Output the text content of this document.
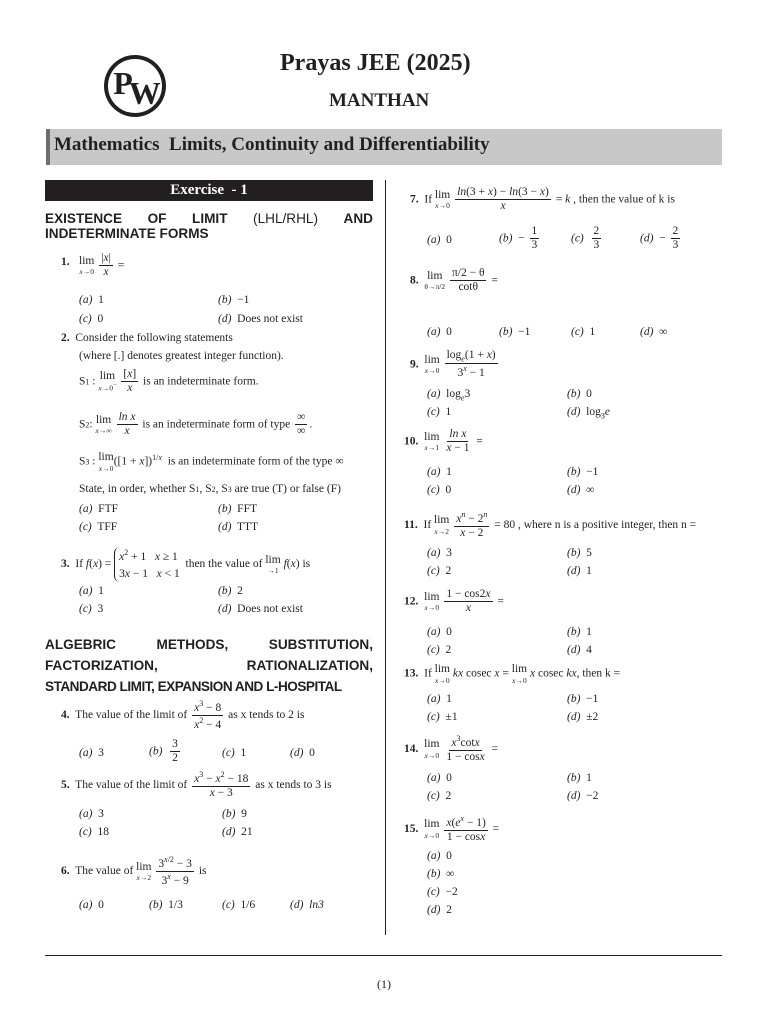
PW
Prayas JEE (2025)
MANTHAN
Mathematics  Limits, Continuity and Differentiability
Exercise  - 1
EXISTENCE OF LIMIT (LHL/RHL) AND
INDETERMINATE FORMS
1. lim
x→0
$\frac{|x|}{x}$ =
(a) 1	(b) −1
(c) 0	(d) Does not exist
2. Consider the following statements
(where [.] denotes greatest integer function).
S1 : lim
x→0−
$\frac{[x]}{x}$ is an indeterminate form.
S2: lim
x→∞
$\frac{\text{ln x}}{x}$ is an indeterminate form of type $\frac{\infty}{\infty}$ .
S3 : lim
x→0
$([1 + x])^{1/x}$ is an indeterminate form of the type ∞
State, in order, whether S1, S2, S3 are true (T) or false (F)
(a) FTF	(b) FFT
(c) TFF	(d) TTT
3. If f(x) =
$x^2 + 1$   x ≥ 1
3x − 1   x < 1
then the value of lim
→1
f(x) is
(a) 1	(b) 2
(c) 3	(d) Does not exist
ALGEBRIC	METHODS,	SUBSTITUTION,
FACTORIZATION,	RATIONALIZATION,
STANDARD LIMIT, EXPANSION AND L-HOSPITAL
4. The value of the limit of $\frac{x^3 - 8}{x^2 - 4}$ as x tends to 2 is
(a) 3	$(b) \frac{3}{2}$	(c) 1	(d) 0
5. The value of the limit of $\frac{x^3 - x^2 - 18}{x - 3}$ as x tends to 3 is
(a) 3	(b) 9
(c) 18	(d) 21
6. The value of lim
x→2
$\frac{3^{x/2} - 3}{3^x - 9}$ is
(a) 0	(b) 1/3	(c) 1/6	(d) ln3
7. If lim
x→0
$\frac{\ln(3 + x) - \ln(3 - x)}{x} = k$ , then the value of k is
(a) 0	$(b) - \frac{1}{3}$	$(c) \frac{2}{3}$	$(d) - \frac{2}{3}$
8. lim
θ→π/2
$\frac{\pi/2 - \theta}{\cot\theta}$ =
(a) 0	(b) −1	(c) 1	(d) ∞
9. lim
x→0
$\frac{\log_e(1 + x)}{3^x - 1}$
(a) $\log_e3$	(b) 0
(c) 1	(d) $\log_3e$
10. lim
x→1
$\frac{\text{ln x}}{x - 1}$ =
(a) 1	(b) −1
(c) 0	(d) ∞
11. If lim
x→2
$\frac{x^n - 2^n}{x - 2} = 80$ , where n is a positive integer, then n =
(a) 3	(b) 5
(c) 2	(d) 1
12. lim
x→0
$\frac{1 - \cos 2x}{x}$ =
(a) 0	(b) 1
(c) 2	(d) 4
13. If lim
x→0
kx cosec x = lim
x→0
x cosec kx, then k =
(a) 1	(b) −1
(c) ±1	(d) ±2
14. lim
x→0
$\frac{x^3\cot x}{1 - \cos x}$ =
(a) 0	(b) 1
(c) 2	(d) −2
15. lim
x→0
$\frac{x(e^x - 1)}{1 - \cos x}$ =
(a) 0
(b) ∞
(c) −2
(d) 2
(1)
